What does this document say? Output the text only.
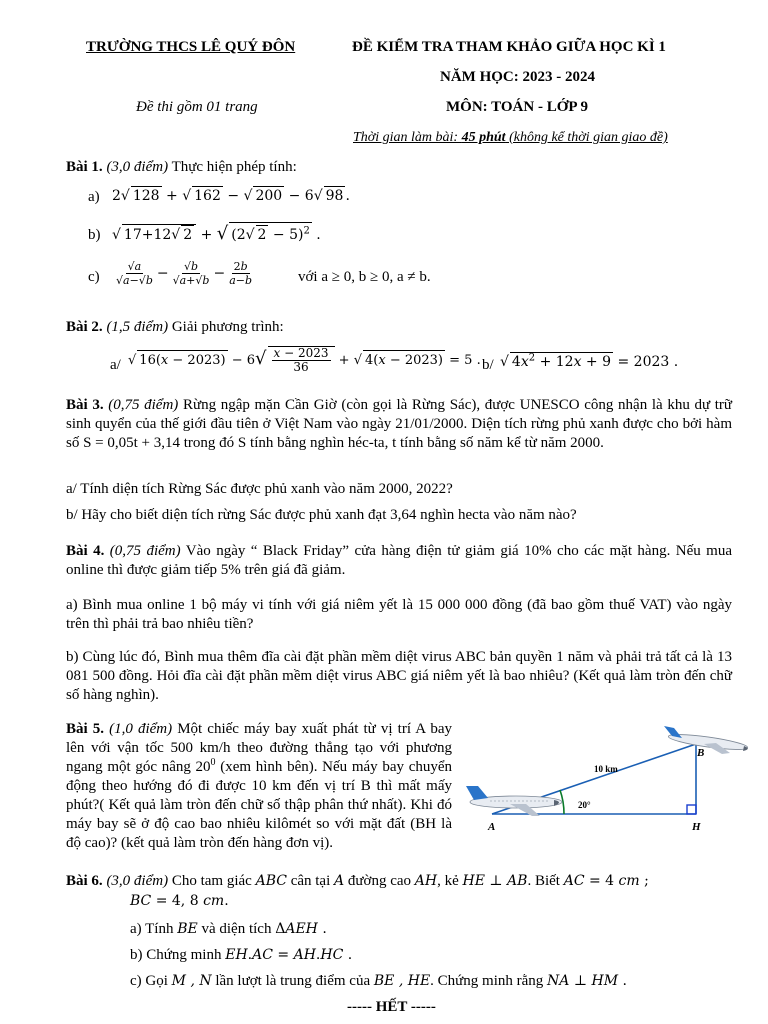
TRƯỜNG THCS LÊ QUÝ ĐÔN	ĐỀ KIỂM TRA THAM KHẢO GIỮA HỌC KÌ 1
NĂM HỌC: 2023 - 2024
Đề thi gồm 01 trang	MÔN: TOÁN - LỚP 9
Thời gian làm bài: 45 phút (không kể thời gian giao đề)
Bài 1. (3,0 điểm) Thực hiện phép tính:
a) 2√ 128 + √ 162 − √ 200 − 6√ 98 .
b) √ 17+12√ 2 + √ (2√ 2 − 5)$^2$ .
$c) \frac{√a}{√a-√b} - \frac{√b}{√a+√b} - \frac{2b}{a-b}$	với a ≥ 0, b ≥ 0, a ≠ b.
Bài 2. (1,5 điểm) Giải phương trình:
a/ √ $16(x - 2023) - 6√ \frac{x - 2023}{36}$ + √ 4(x − 2023) = 5 . b/ √ $4x^2 + 12x + 9 = 2023$ .
Bài 3. (0,75 điểm) Rừng ngập mặn Cần Giờ (còn gọi là Rừng Sác), được UNESCO công nhận là khu dự trữ sinh quyển của thế giới đầu tiên ở Việt Nam vào ngày 21/01/2000. Diện tích rừng phủ xanh được cho bởi hàm số S = 0,05t + 3,14 trong đó S tính bằng nghìn héc-ta, t tính bằng số năm kể từ năm 2000.
a/ Tính diện tích Rừng Sác được phủ xanh vào năm 2000, 2022?
b/ Hãy cho biết diện tích rừng Sác được phủ xanh đạt 3,64 nghìn hecta vào năm nào?
Bài 4. (0,75 điểm) Vào ngày “ Black Friday” cửa hàng điện tử giảm giá 10% cho các mặt hàng. Nếu mua online thì được giảm tiếp 5% trên giá đã giảm.
a) Bình mua online 1 bộ máy vi tính với giá niêm yết là 15 000 000 đồng (đã bao gồm thuế VAT) vào ngày trên thì phải trả bao nhiêu tiền?
b) Cùng lúc đó, Bình mua thêm đĩa cài đặt phần mềm diệt virus ABC bản quyền 1 năm và phải trả tất cả là 13 081 500 đồng. Hỏi đĩa cài đặt phần mềm diệt virus ABC giá niêm yết là bao nhiêu? (Kết quả làm tròn đến chữ số hàng nghìn).
Bài 5. (1,0 điểm) Một chiếc máy bay xuất phát từ vị trí A bay lên với vận tốc 500 km/h theo đường thẳng tạo với phương ngang một góc nâng $20^0$ (xem hình bên). Nếu máy bay chuyển động theo hướng đó đi được 10 km đến vị trí B thì mất mấy phút?( Kết quả làm tròn đến chữ số thập phân thứ nhất). Khi đó máy bay sẽ ở độ cao bao nhiêu kilômét so với mặt đất (BH là độ cao)? (kết quả làm tròn đến hàng đơn vị).
10 km
20°
A
B
H
Bài 6. (3,0 điểm) Cho tam giác ABC cân tại A đường cao AH, kẻ HE ⊥ AB. Biết AC = 4 cm ;
BC = 4, 8 cm.
a) Tính BE và diện tích ΔAEH .
b) Chứng minh EH.AC = AH.HC .
c) Gọi M , N lần lượt là trung điểm của BE , HE. Chứng minh rằng NA ⊥ HM .
----- HẾT -----
